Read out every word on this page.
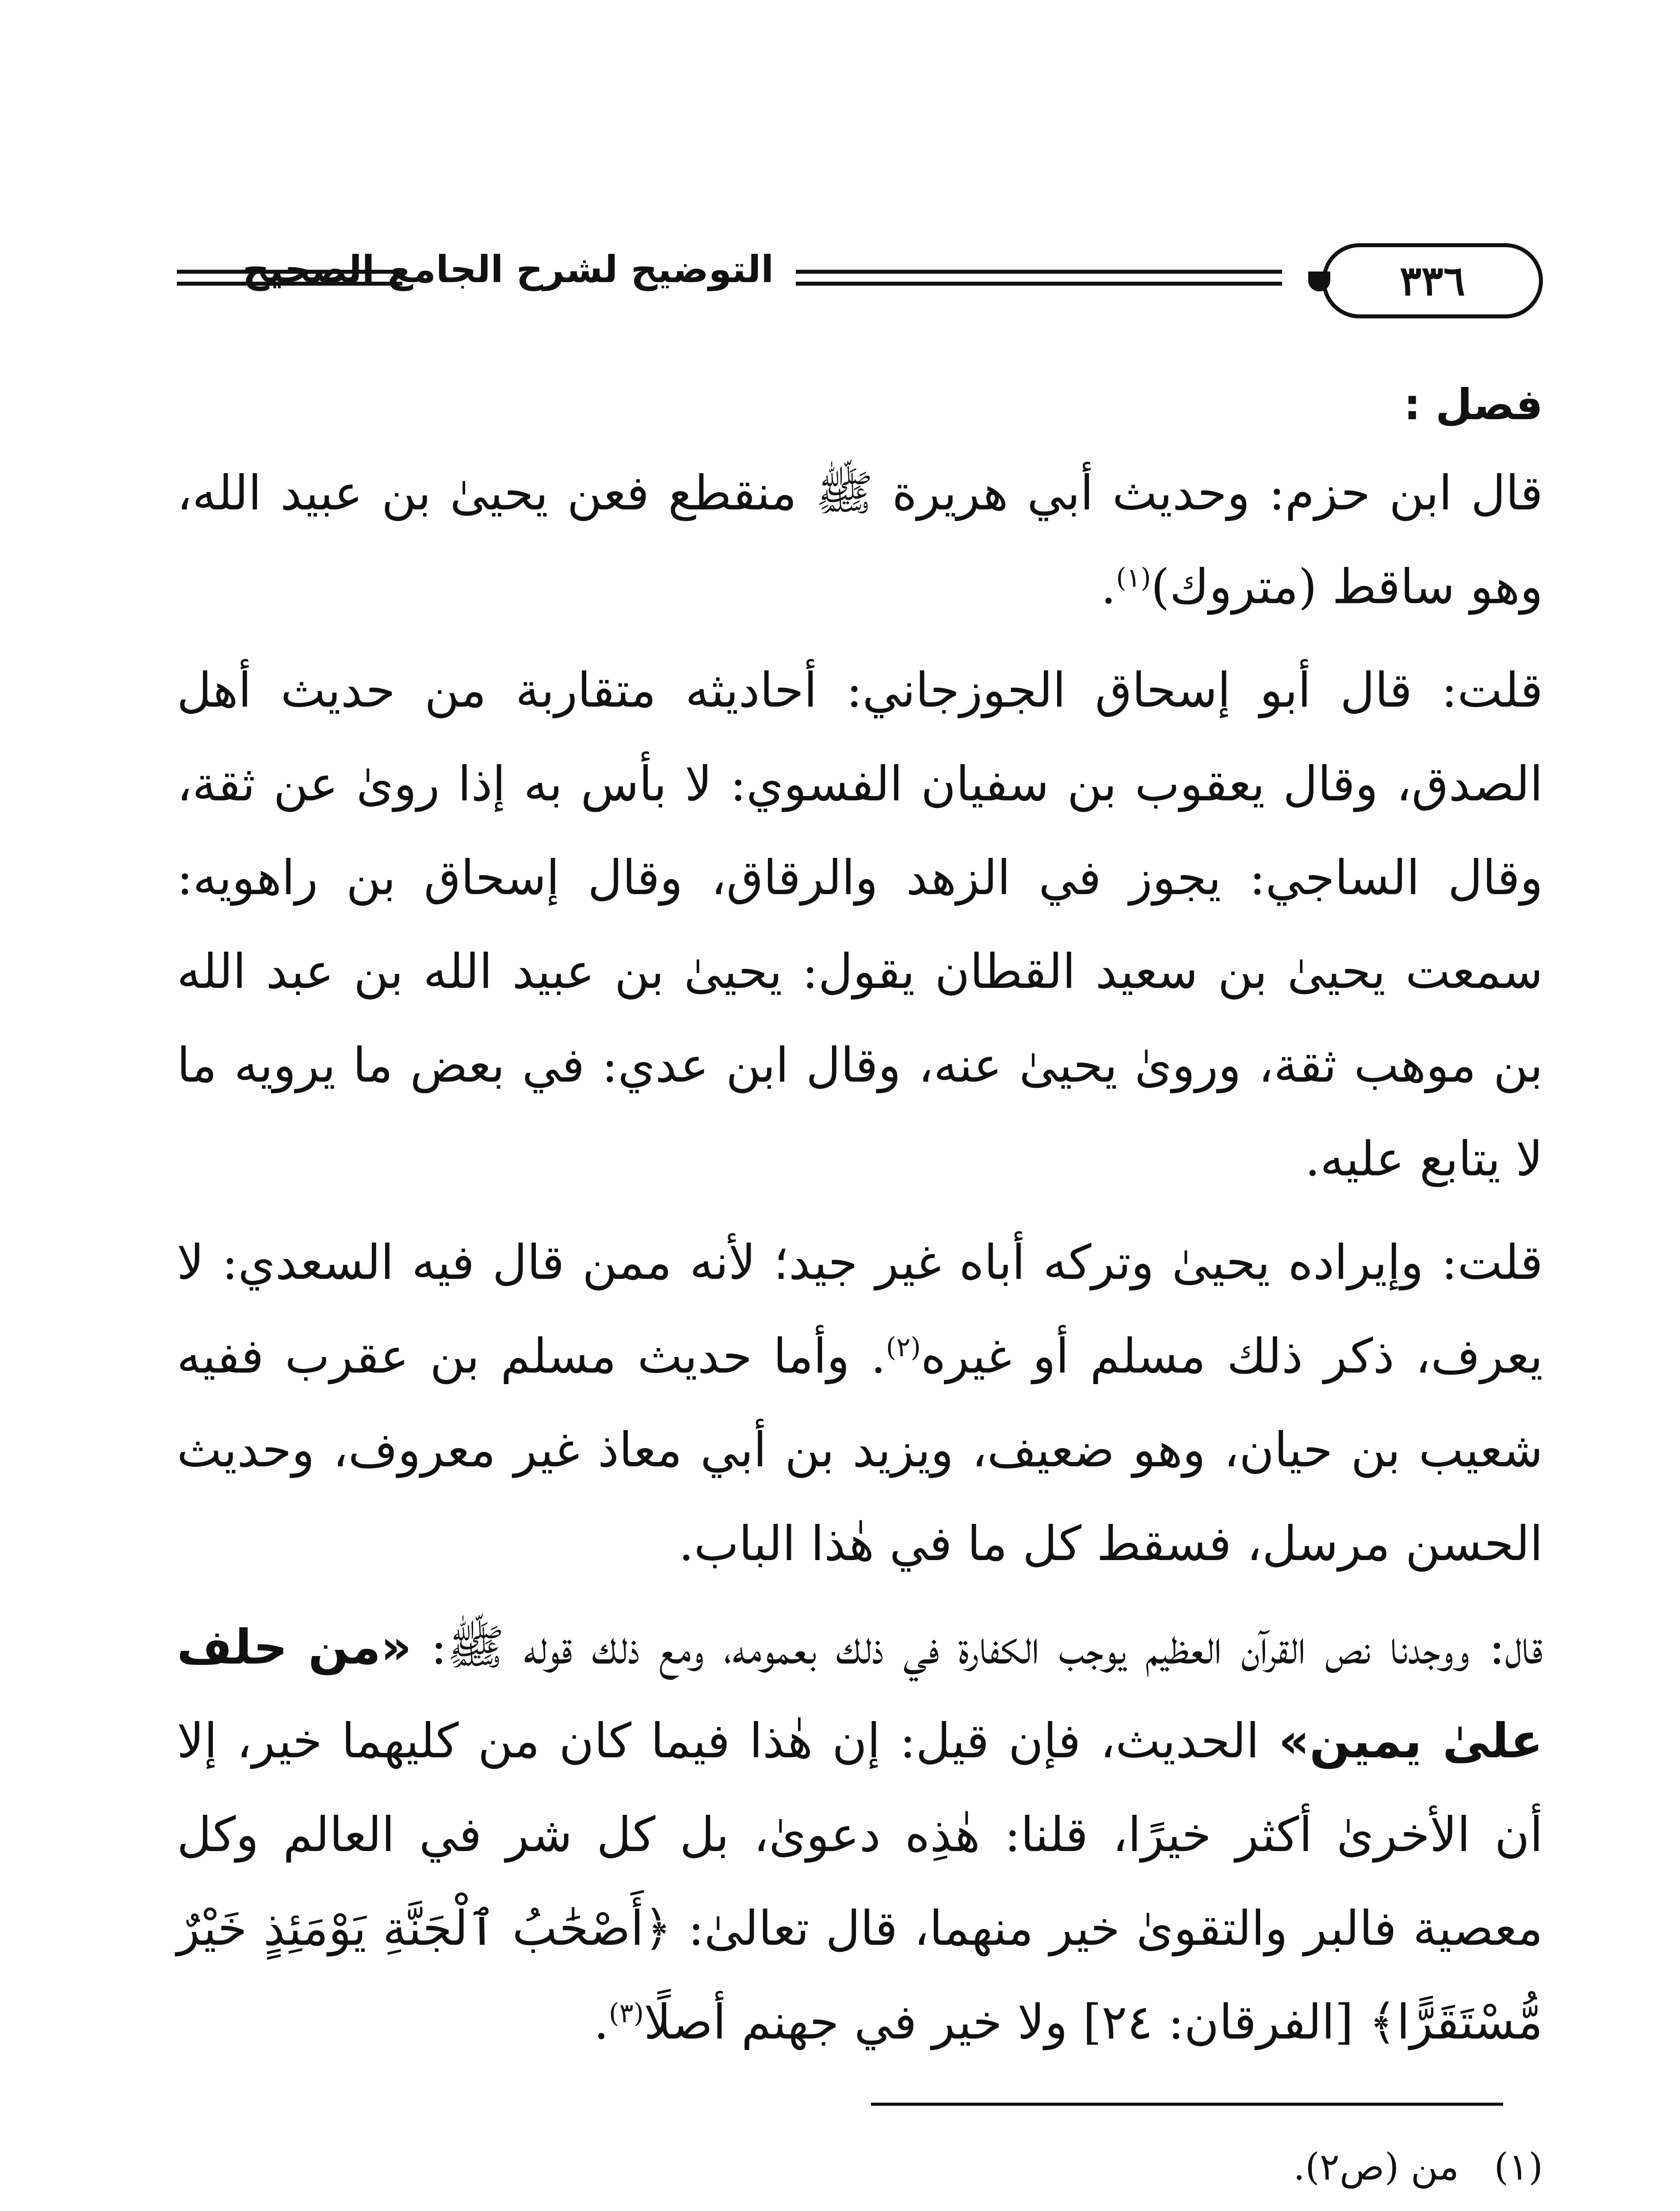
٣٣٦
التوضيح لشرح الجامع الصحيح
فصل :

قال ابن حزم: وحديث أبي هريرة ﷺ منقطع فعن يحيىٰ بن عبيد الله، وهو ساقط (متروك)$^{(١)}$.

قلت: قال أبو إسحاق الجوزجاني: أحاديثه متقاربة من حديث أهل الصدق، وقال يعقوب بن سفيان الفسوي: لا بأس به إذا روىٰ عن ثقة، وقال الساجي: يجوز في الزهد والرقاق، وقال إسحاق بن راهويه: سمعت يحيىٰ بن سعيد القطان يقول: يحيىٰ بن عبيد الله بن عبد الله بن موهب ثقة، وروىٰ يحيىٰ عنه، وقال ابن عدي: في بعض ما يرويه ما لا يتابع عليه.

قلت: وإيراده يحيىٰ وتركه أباه غير جيد؛ لأنه ممن قال فيه السعدي: لا يعرف، ذكر ذلك مسلم أو غيره$^{(٢)}$. وأما حديث مسلم بن عقرب ففيه شعيب بن حيان، وهو ضعيف، ويزيد بن أبي معاذ غير معروف، وحديث الحسن مرسل، فسقط كل ما في هٰذا الباب.

قال: ووجدنا نص القرآن العظيم يوجب الكفارة في ذلك بعمومه، ومع ذلك قوله ﷺ: «من حلف علىٰ يمين» الحديث، فإن قيل: إن هٰذا فيما كان من كليهما خير، إلا أن الأخرىٰ أكثر خيرًا، قلنا: هٰذِه دعوىٰ، بل كل شر في العالم وكل معصية فالبر والتقوىٰ خير منهما، قال تعالىٰ: ﴿أَصْحَٰبُ ٱلْجَنَّةِ يَوْمَئِذٍ خَيْرٌ مُّسْتَقَرًّا﴾ [الفرقان: ٢٤] ولا خير في جهنم أصلًا$^{(٣)}$.

(١)
من (ص٢).
